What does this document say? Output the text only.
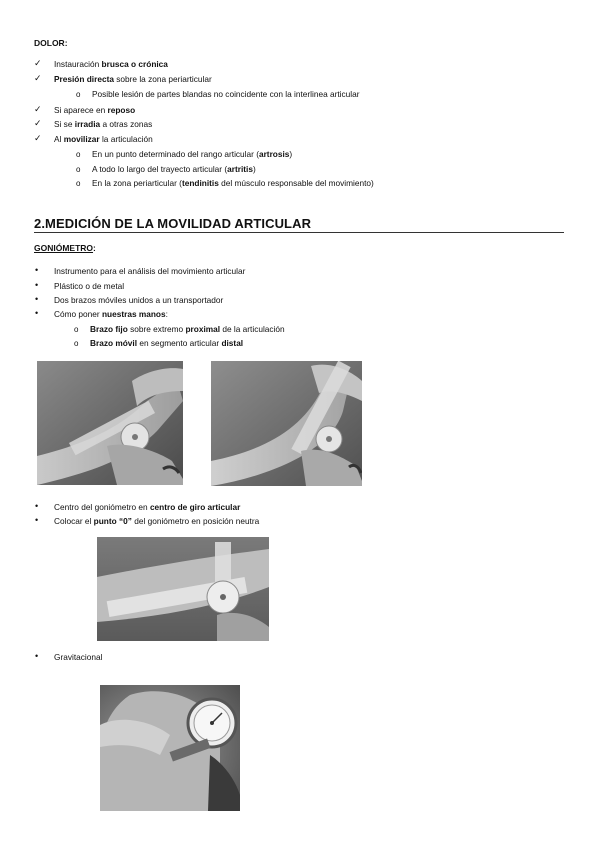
DOLOR:
✓ Instauración brusca o crónica
✓ Presión directa sobre la zona periarticular
o Posible lesión de partes blandas no coincidente con la interlinea articular
✓ Si aparece en reposo
✓ Si se irradia a otras zonas
✓ Al movilizar la articulación
o En un punto determinado del rango articular (artrosis)
o A todo lo largo del trayecto articular (artritis)
o En la zona periarticular (tendinitis del músculo responsable del movimiento)
2.MEDICIÓN DE LA MOVILIDAD ARTICULAR
GONIÓMETRO:
• Instrumento para el análisis del movimiento articular
• Plástico o de metal
• Dos brazos móviles unidos a un transportador
• Cómo poner nuestras manos:
o Brazo fijo sobre extremo proximal de la articulación
o Brazo móvil en segmento articular distal
• Centro del goniómetro en centro de giro articular
• Colocar el punto “0” del goniómetro en posición neutra
• Gravitacional
